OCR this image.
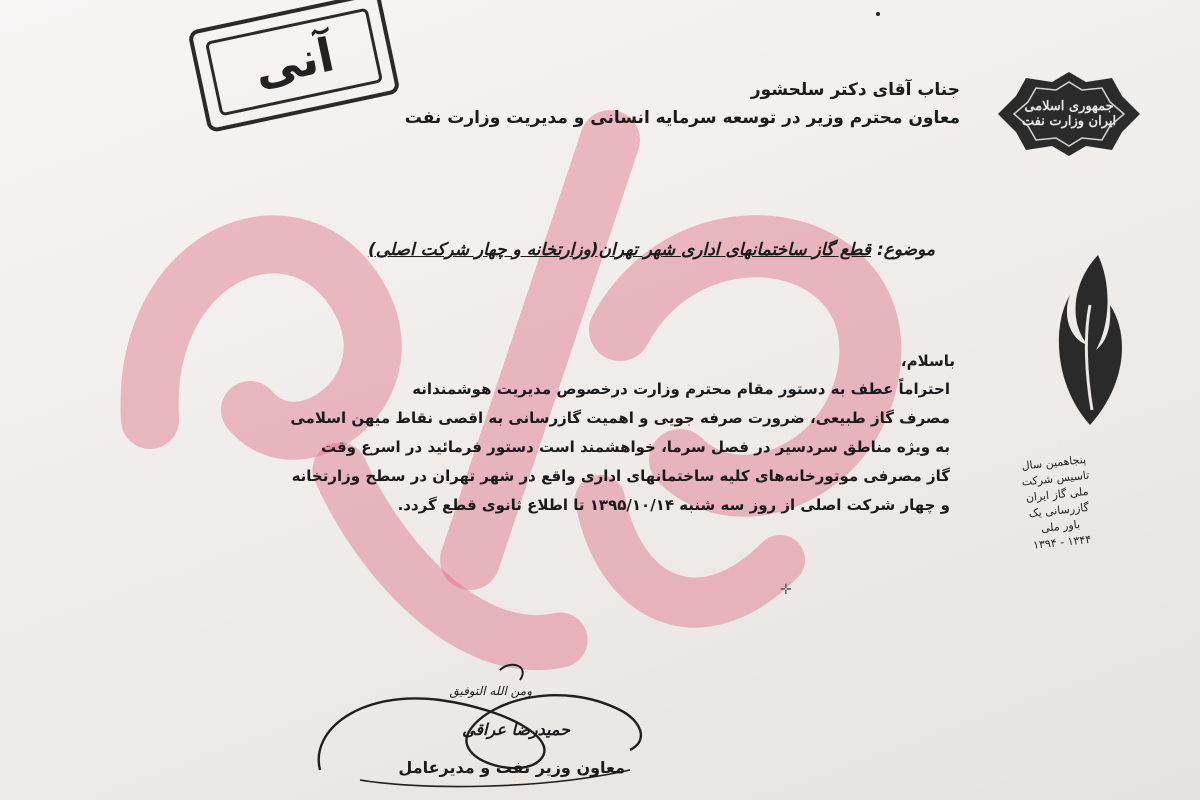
آنی
جمهوری اسلامی ایران وزارت نفت
جناب آقای دکتر سلحشور
معاون محترم وزیر در توسعه سرمایه انسانی و مدیریت وزارت نفت
موضوع: قطع گاز ساختمانهای اداری شهر تهران(وزارتخانه و چهار شرکت اصلی)
باسلام،
احتراماً عطف به دستور مقام محترم وزارت درخصوص مدیریت هوشمندانه
مصرف گاز طبیعی، ضرورت صرفه جویی و اهمیت گازرسانی به اقصی نقاط میهن اسلامی
به ویژه مناطق سردسیر در فصل سرما، خواهشمند است دستور فرمائید در اسرع وقت
گاز مصرفی موتورخانه‌های کلیه ساختمانهای اداری واقع در شهر تهران در سطح وزارتخانه
و چهار شرکت اصلی از روز سه شنبه ۱۳۹۵/۱۰/۱۴ تا اطلاع ثانوی قطع گردد.
پنجاهمین سال تاسیس شرکت ملی گاز ایران
گازرسانی یک باور ملی
۱۳۴۴ - ۱۳۹۴
✛
ومن الله التوفیق
حمیدرضا عراقی
معاون وزیر نفت و مدیرعامل
